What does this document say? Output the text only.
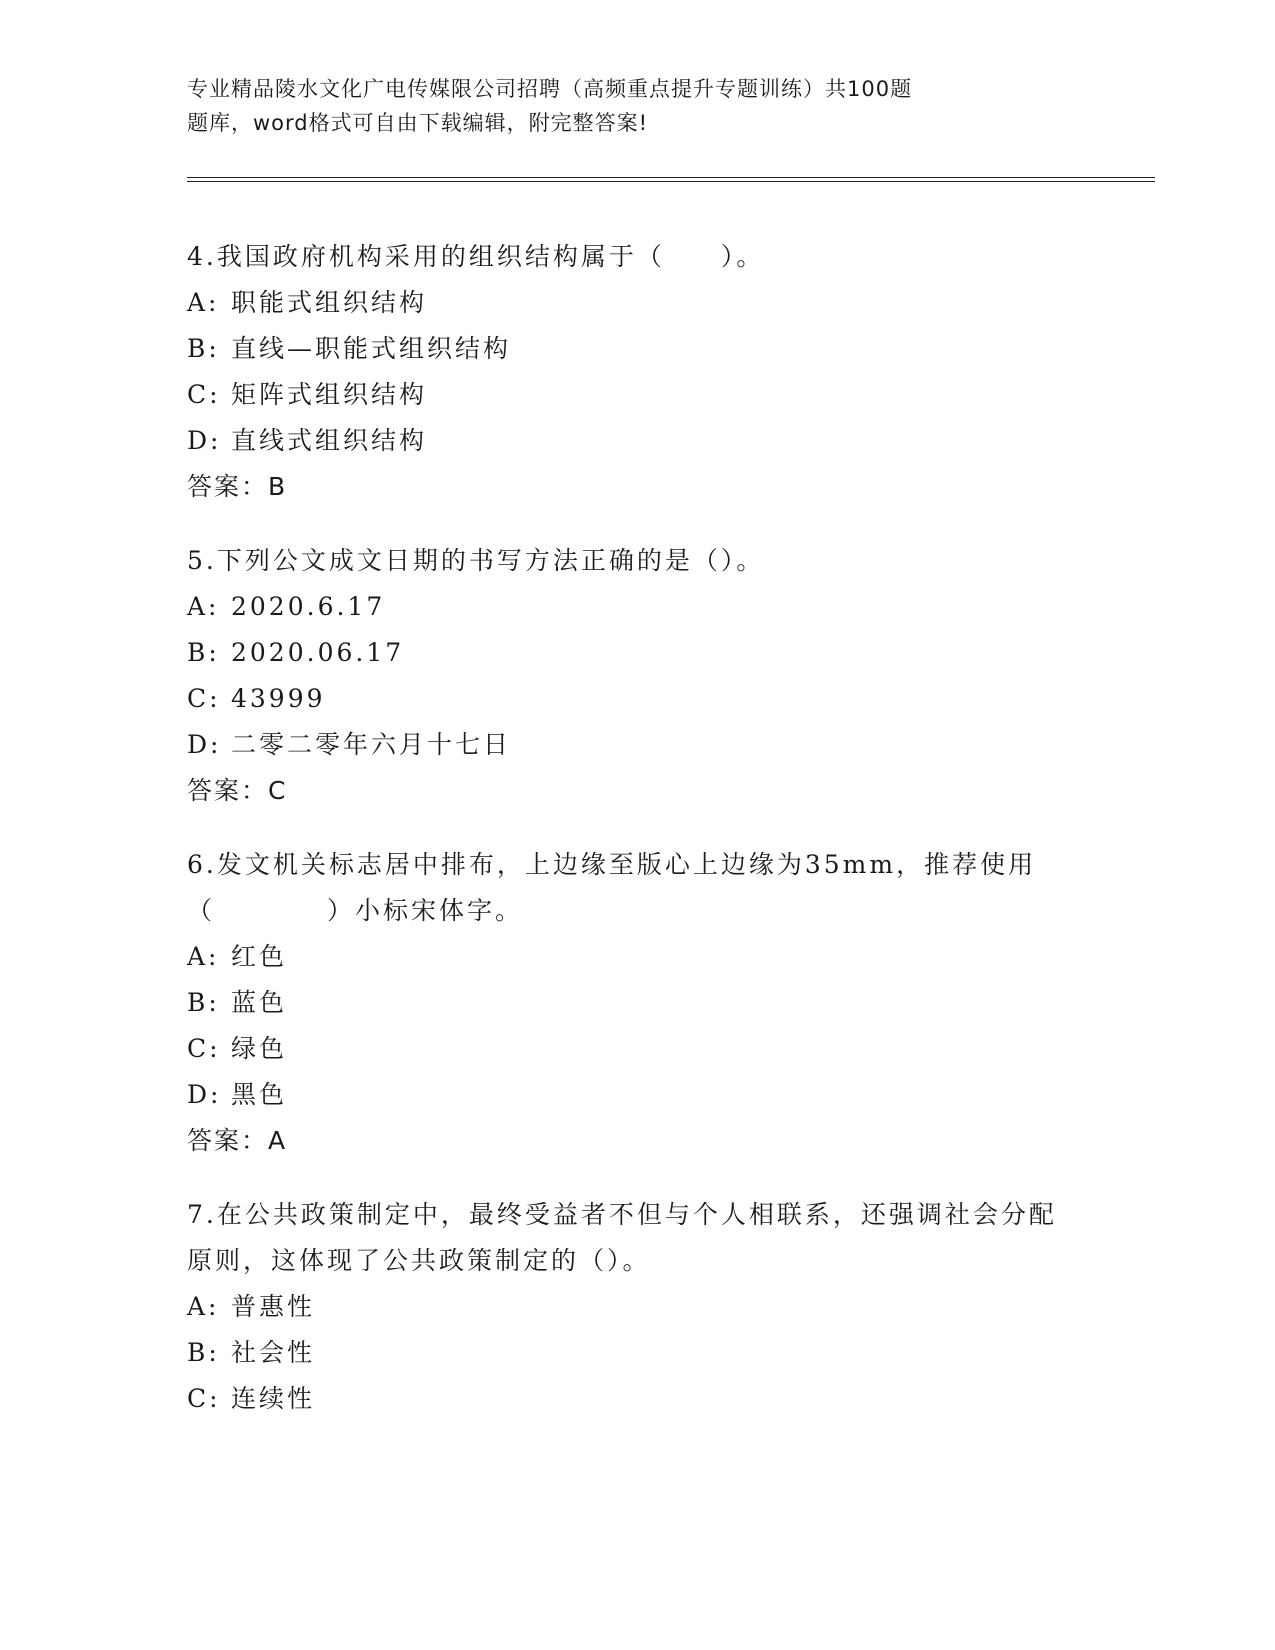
专业精品陵水文化广电传媒限公司招聘（高频重点提升专题训练）共100题
题库，word格式可自由下载编辑，附完整答案!

4.我国政府机构采用的组织结构属于（　　）。

A: 职能式组织结构

B: 直线—职能式组织结构

C: 矩阵式组织结构

D: 直线式组织结构

答案：B

5.下列公文成文日期的书写方法正确的是（）。

A: 2020.6.17

B: 2020.06.17

C: 43999

D: 二零二零年六月十七日

答案：C

6.发文机关标志居中排布，上边缘至版心上边缘为35mm，推荐使用（　　　　）小标宋体字。

A: 红色

B: 蓝色

C: 绿色

D: 黑色

答案：A

7.在公共政策制定中，最终受益者不但与个人相联系，还强调社会分配原则，这体现了公共政策制定的（）。

A: 普惠性

B: 社会性

C: 连续性
